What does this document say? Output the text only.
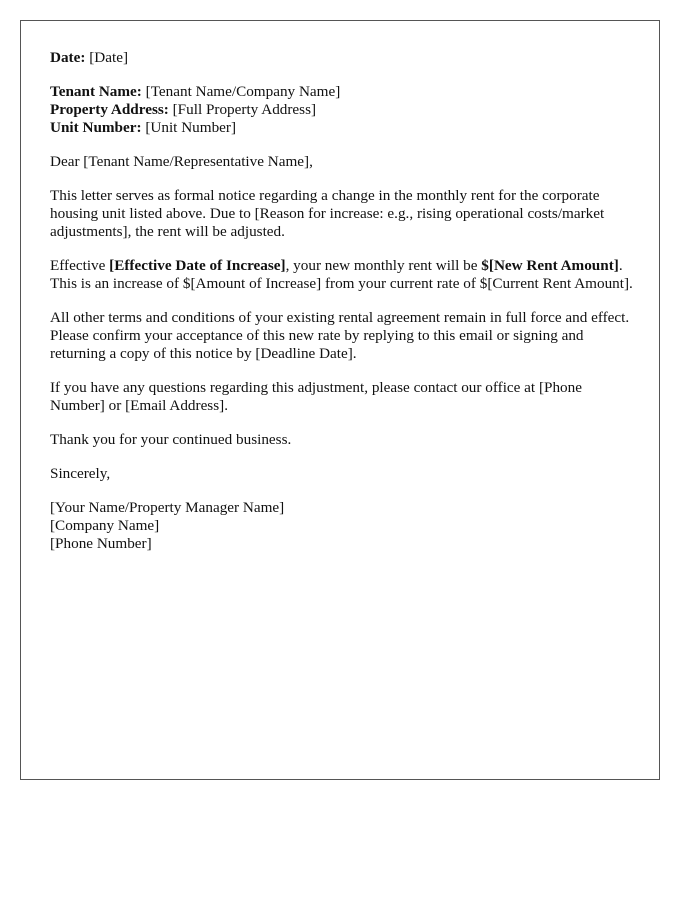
Date: [Date]
Tenant Name: [Tenant Name/Company Name]
Property Address: [Full Property Address]
Unit Number: [Unit Number]

Dear [Tenant Name/Representative Name],

This letter serves as formal notice regarding a change in the monthly rent for the corporate housing unit listed above. Due to [Reason for increase: e.g., rising operational costs/market adjustments], the rent will be adjusted.

Effective [Effective Date of Increase], your new monthly rent will be $[New Rent Amount]. This is an increase of $[Amount of Increase] from your current rate of $[Current Rent Amount].

All other terms and conditions of your existing rental agreement remain in full force and effect. Please confirm your acceptance of this new rate by replying to this email or signing and returning a copy of this notice by [Deadline Date].

If you have any questions regarding this adjustment, please contact our office at [Phone Number] or [Email Address].

Thank you for your continued business.

Sincerely,

[Your Name/Property Manager Name]
[Company Name]
[Phone Number]
